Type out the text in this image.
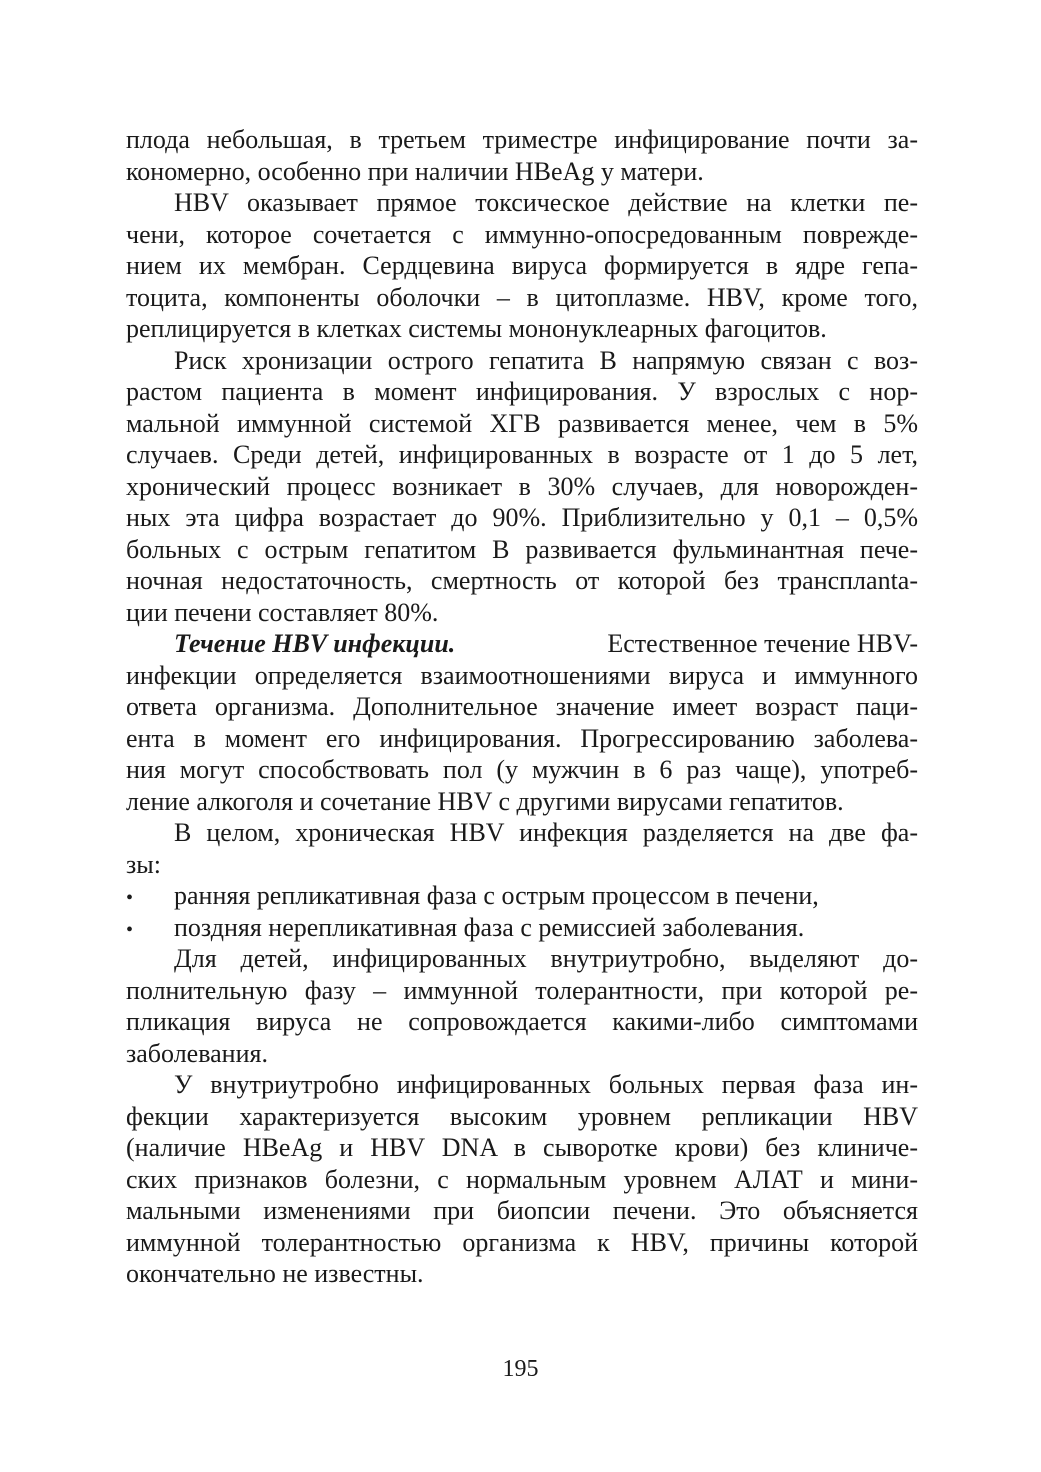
плода небольшая, в третьем триместре инфицирование почти за-
кономерно, особенно при наличии HBeAg у матери.
HBV оказывает прямое токсическое действие на клетки пе-
чени, которое сочетается с иммунно-опосредованным поврежде-
нием их мембран. Сердцевина вируса формируется в ядре гепа-
тоцита, компоненты оболочки – в цитоплазме. HBV, кроме того,
реплицируется в клетках системы мононуклеарных фагоцитов.
Риск хронизации острого гепатита В напрямую связан с воз-
растом пациента в момент инфицирования. У взрослых с нор-
мальной иммунной системой ХГВ развивается менее, чем в 5%
случаев. Среди детей, инфицированных в возрасте от 1 до 5 лет,
хронический процесс возникает в 30% случаев, для новорожден-
ных эта цифра возрастает до 90%. Приблизительно у 0,1 – 0,5%
больных с острым гепатитом В развивается фульминантная пече-
ночная недостаточность, смертность от которой без трансплanta-
ции печени составляет 80%.
Течение HBV инфекции.	Естественное течение HBV-
инфекции определяется взаимоотношениями вируса и иммунного
ответа организма. Дополнительное значение имеет возраст паци-
ента в момент его инфицирования. Прогрессированию заболева-
ния могут способствовать пол (у мужчин в 6 раз чаще), употреб-
ление алкоголя и сочетание HBV с другими вирусами гепатитов.
В целом, хроническая HBV инфекция разделяется на две фа-
зы:
•	ранняя репликативная фаза с острым процессом в печени,
•	поздняя нерепликативная фаза с ремиссией заболевания.
Для детей, инфицированных внутриутробно, выделяют до-
полнительную фазу – иммунной толерантности, при которой ре-
пликация вируса не сопровождается какими-либо симптомами
заболевания.
У внутриутробно инфицированных больных первая фаза ин-
фекции характеризуется высоким уровнем репликации HBV
(наличие HBeAg и HBV DNA в сыворотке крови) без клиниче-
ских признаков болезни, с нормальным уровнем АЛАТ и мини-
мальными изменениями при биопсии печени. Это объясняется
иммунной толерантностью организма к HBV, причины которой
окончательно не известны.
195
